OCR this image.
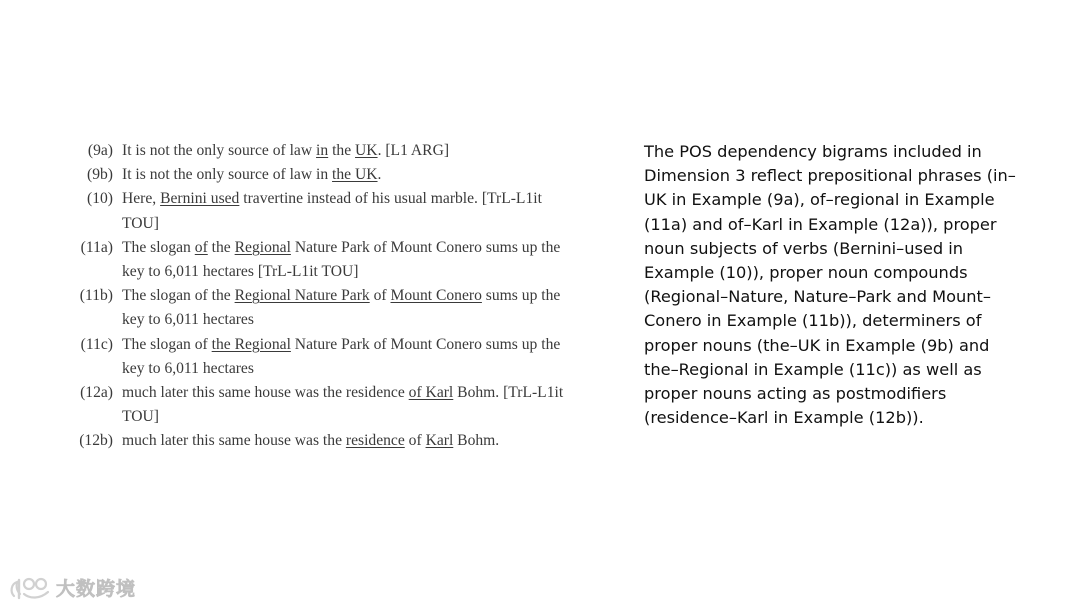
(9a) It is not the only source of law in the UK. [L1 ARG]
(9b) It is not the only source of law in the UK.
(10) Here, Bernini used travertine instead of his usual marble. [TrL-L1it
TOU]
(11a) The slogan of the Regional Nature Park of Mount Conero sums up the
key to 6,011 hectares [TrL-L1it TOU]
(11b) The slogan of the Regional Nature Park of Mount Conero sums up the
key to 6,011 hectares
(11c) The slogan of the Regional Nature Park of Mount Conero sums up the
key to 6,011 hectares
(12a) much later this same house was the residence of Karl Bohm. [TrL-L1it
TOU]
(12b) much later this same house was the residence of Karl Bohm.
The POS dependency bigrams included in
Dimension 3 reflect prepositional phrases (in–
UK in Example (9a), of–regional in Example
(11a) and of–Karl in Example (12a)), proper
noun subjects of verbs (Bernini–used in
Example (10)), proper noun compounds
(Regional–Nature, Nature–Park and Mount–
Conero in Example (11b)), determiners of
proper nouns (the–UK in Example (9b) and
the–Regional in Example (11c)) as well as
proper nouns acting as postmodifiers
(residence–Karl in Example (12b)).
大数跨境
